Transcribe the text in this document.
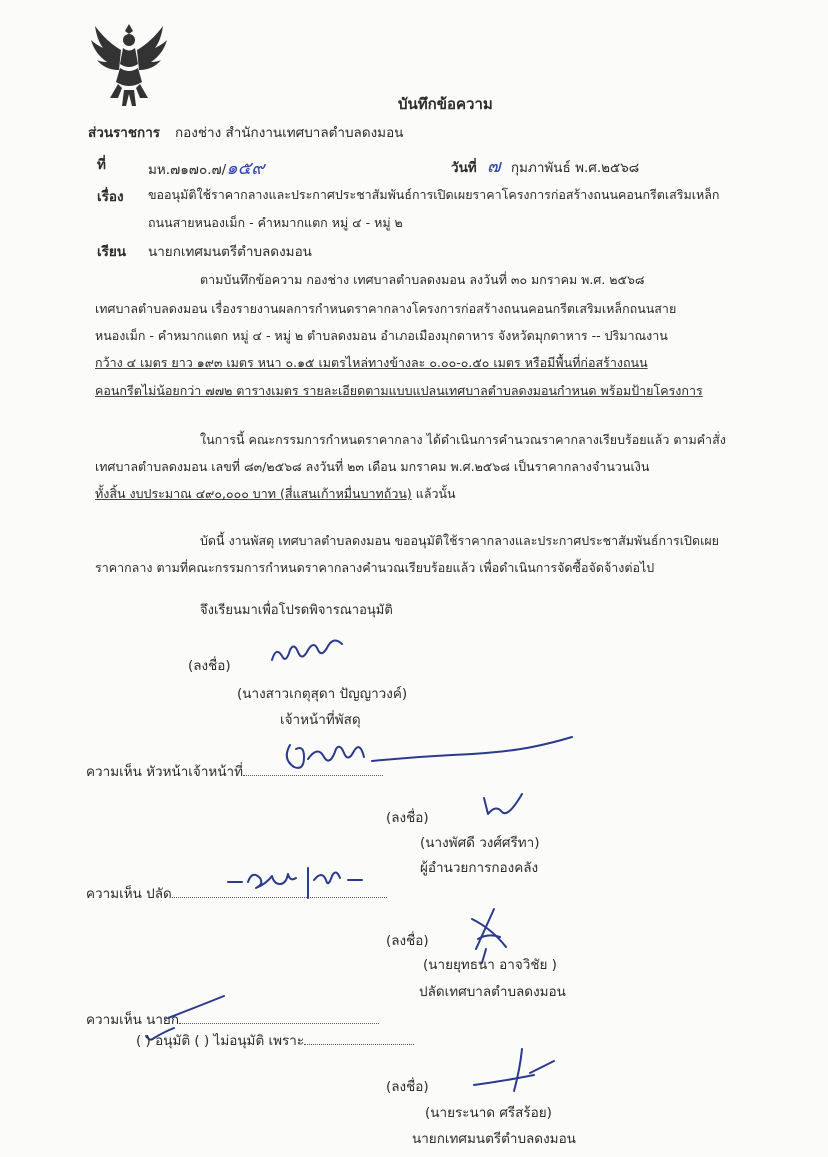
บันทึกข้อความ
ส่วนราชการ กองช่าง สำนักงานเทศบาลตำบลดงมอน
ที่	มห.๗๑๗๐.๗/๑๕๙	วันที่ ๗ กุมภาพันธ์ พ.ศ.๒๕๖๘
เรื่อง ขออนุมัติใช้ราคากลางและประกาศประชาสัมพันธ์การเปิดเผยราคาโครงการก่อสร้างถนนคอนกรีตเสริมเหล็ก
ถนนสายหนองเม็ก - คำหมากแตก หมู่ ๔ - หมู่ ๒
เรียน นายกเทศมนตรีตำบลดงมอน
ตามบันทึกข้อความ กองช่าง เทศบาลตำบลดงมอน ลงวันที่ ๓๐ มกราคม พ.ศ. ๒๕๖๘
เทศบาลตำบลดงมอน เรื่องรายงานผลการกำหนดราคากลางโครงการก่อสร้างถนนคอนกรีตเสริมเหล็กถนนสาย
หนองเม็ก - คำหมากแตก หมู่ ๔ - หมู่ ๒ ตำบลดงมอน อำเภอเมืองมุกดาหาร จังหวัดมุกดาหาร -- ปริมาณงาน
กว้าง ๔ เมตร ยาว ๑๙๓ เมตร หนา ๐.๑๕ เมตรไหล่ทางข้างละ ๐.๐๐-๐.๕๐ เมตร หรือมีพื้นที่ก่อสร้างถนน
คอนกรีตไม่น้อยกว่า ๗๗๒ ตารางเมตร รายละเอียดตามแบบแปลนเทศบาลตำบลดงมอนกำหนด พร้อมป้ายโครงการ
ในการนี้ คณะกรรมการกำหนดราคากลาง ได้ดำเนินการคำนวณราคากลางเรียบร้อยแล้ว ตามคำสั่ง
เทศบาลตำบลดงมอน เลขที่ ๘๓/๒๕๖๘ ลงวันที่ ๒๓ เดือน มกราคม พ.ศ.๒๕๖๘ เป็นราคากลางจำนวนเงิน
ทั้งสิ้น งบประมาณ ๔๙๐,๐๐๐ บาท (สี่แสนเก้าหมื่นบาทถ้วน) แล้วนั้น
บัดนี้ งานพัสดุ เทศบาลตำบลดงมอน ขออนุมัติใช้ราคากลางและประกาศประชาสัมพันธ์การเปิดเผย
ราคากลาง ตามที่คณะกรรมการกำหนดราคากลางคำนวณเรียบร้อยแล้ว เพื่อดำเนินการจัดซื้อจัดจ้างต่อไป
จึงเรียนมาเพื่อโปรดพิจารณาอนุมัติ
(ลงชื่อ)
(นางสาวเกตุสุดา ปัญญาวงค์)
เจ้าหน้าที่พัสดุ
ความเห็น หัวหน้าเจ้าหน้าที่
(ลงชื่อ)
(นางพัศดี วงศ์ศรีทา)
ผู้อำนวยการกองคลัง
ความเห็น ปลัด
(ลงชื่อ)
(นายยุทธนา อาจวิชัย )
ปลัดเทศบาลตำบลดงมอน
ความเห็น นายก
( ) อนุมัติ ( ) ไม่อนุมัติ เพราะ
(ลงชื่อ)
(นายระนาด ศรีสร้อย)
นายกเทศมนตรีตำบลดงมอน
